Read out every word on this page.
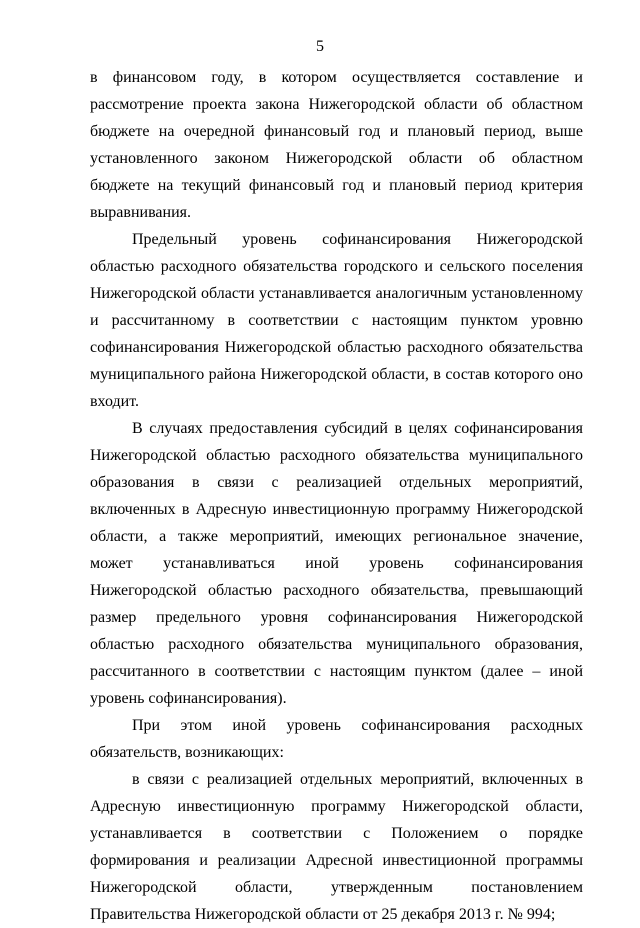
5

в финансовом году, в котором осуществляется составление и рассмотрение проекта закона Нижегородской области об областном бюджете на очередной финансовый год и плановый период, выше установленного законом Нижегородской области об областном бюджете на текущий финансовый год и плановый период критерия выравнивания.

Предельный уровень софинансирования Нижегородской областью расходного обязательства городского и сельского поселения Нижегородской области устанавливается аналогичным установленному и рассчитанному в соответствии с настоящим пунктом уровню софинансирования Нижегородской областью расходного обязательства муниципального района Нижегородской области, в состав которого оно входит.

В случаях предоставления субсидий в целях софинансирования Нижегородской областью расходного обязательства муниципального образования в связи с реализацией отдельных мероприятий, включенных в Адресную инвестиционную программу Нижегородской области, а также мероприятий, имеющих региональное значение, может устанавливаться иной уровень софинансирования Нижегородской областью расходного обязательства, превышающий размер предельного уровня софинансирования Нижегородской областью расходного обязательства муниципального образования, рассчитанного в соответствии с настоящим пунктом (далее – иной уровень софинансирования).

При этом иной уровень софинансирования расходных обязательств, возникающих:

в связи с реализацией отдельных мероприятий, включенных в Адресную инвестиционную программу Нижегородской области, устанавливается в соответствии с Положением о порядке формирования и реализации Адресной инвестиционной программы Нижегородской области, утвержденным постановлением Правительства Нижегородской области от 25 декабря 2013 г. № 994;
